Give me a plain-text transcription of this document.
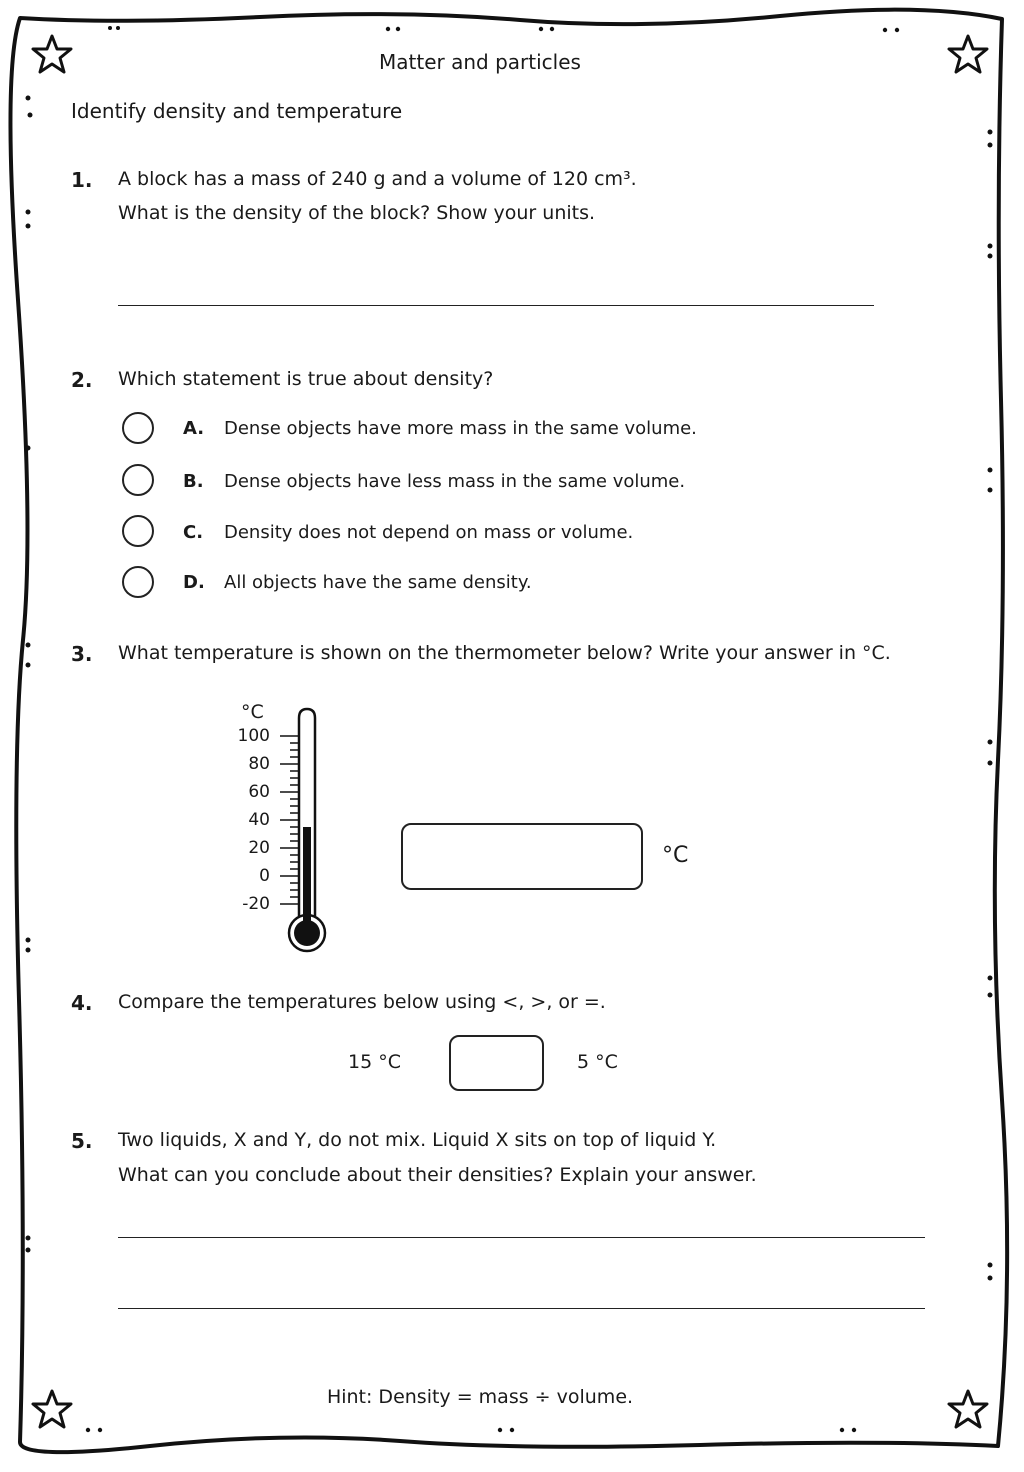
Matter and particles
Identify density and temperature
1. A block has a mass of 240 g and a volume of 120 cm³.
What is the density of the block? Show your units.
2. Which statement is true about density?
A. Dense objects have more mass in the same volume.
B. Dense objects have less mass in the same volume.
C. Density does not depend on mass or volume.
D. All objects have the same density.
3. What temperature is shown on the thermometer below? Write your answer in °C.
°C
100
80
60
40
20
0
-20
°C
4. Compare the temperatures below using <, >, or =.
15 °C	5 °C
5. Two liquids, X and Y, do not mix. Liquid X sits on top of liquid Y.
What can you conclude about their densities? Explain your answer.
Hint: Density = mass ÷ volume.
